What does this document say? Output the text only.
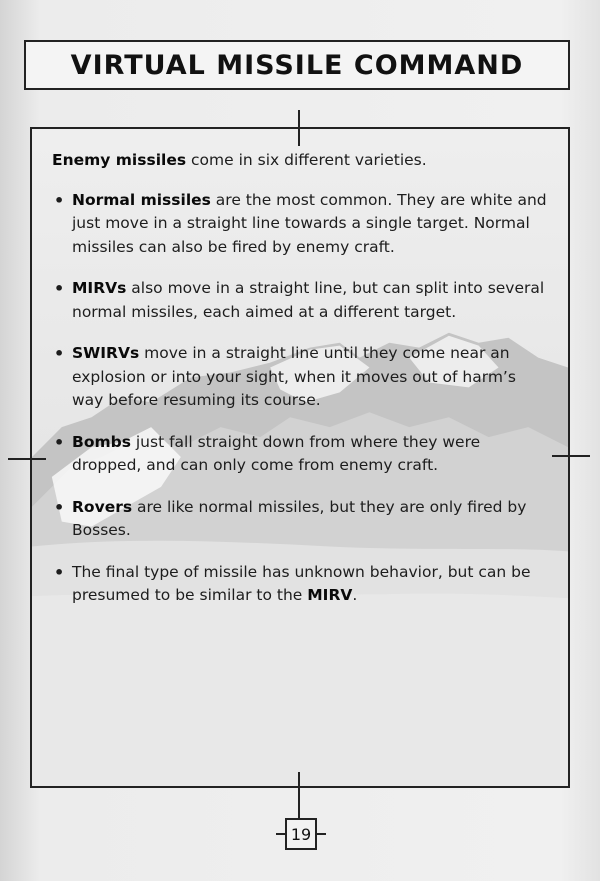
VIRTUAL MISSILE COMMAND

Enemy missiles come in six different varieties.

• Normal missiles are the most common. They are white and just move in a straight line towards a single target. Normal missiles can also be fired by enemy craft.
• MIRVs also move in a straight line, but can split into several normal missiles, each aimed at a different target.
• SWIRVs move in a straight line until they come near an explosion or into your sight, when it moves out of harm’s way before resuming its course.
• Bombs just fall straight down from where they were dropped, and can only come from enemy craft.
• Rovers are like normal missiles, but they are only fired by Bosses.
• The final type of missile has unknown behavior, but can be presumed to be similar to the MIRV.
19
